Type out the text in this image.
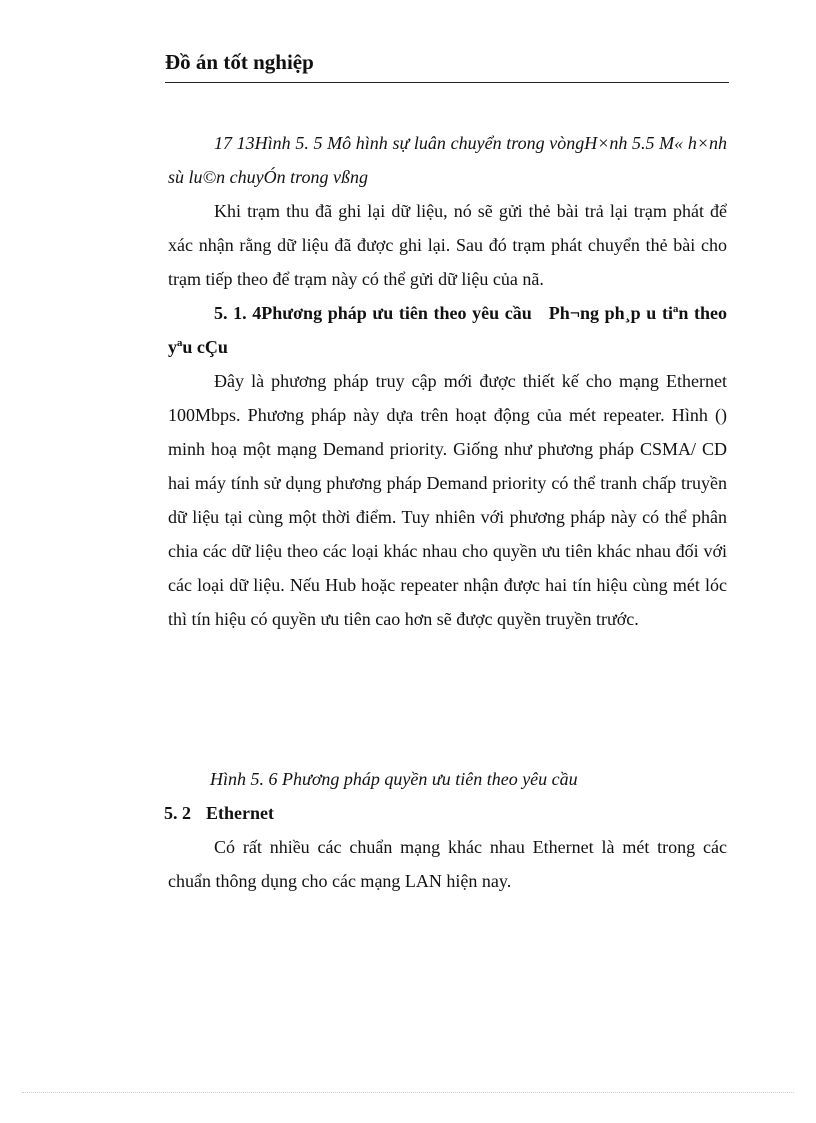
Đồ án tốt nghiệp

17 13Hình 5. 5 Mô hình sự luân chuyển trong vòngH×nh 5.5 M« h×nh sù lu©n chuyÓn trong vßng

Khi trạm thu đã ghi lại dữ liệu, nó sẽ gửi thẻ bài trả lại trạm phát để xác nhận rằng dữ liệu đã được ghi lại. Sau đó trạm phát chuyển thẻ bài cho trạm tiếp theo để trạm này có thể gửi dữ liệu của nã.

5. 1. 4Phương pháp ưu tiên theo yêu cầu Ph¬ng ph¸p u tiªn theo yªu cÇu

Đây là phương pháp truy cập mới được thiết kế cho mạng Ethernet 100Mbps. Phương pháp này dựa trên hoạt động của mét repeater. Hình () minh hoạ một mạng Demand priority. Giống như phương pháp CSMA/ CD hai máy tính sử dụng phương pháp Demand priority có thể tranh chấp truyền dữ liệu tại cùng một thời điểm. Tuy nhiên với phương pháp này có thể phân chia các dữ liệu theo các loại khác nhau cho quyền ưu tiên khác nhau đối với các loại dữ liệu. Nếu Hub hoặc repeater nhận được hai tín hiệu cùng mét lóc thì tín hiệu có quyền ưu tiên cao hơn sẽ được quyền truyền trước.

Hình 5. 6 Phương pháp quyền ưu tiên theo yêu cầu

5. 2 Ethernet

Có rất nhiều các chuẩn mạng khác nhau Ethernet là mét trong các chuẩn thông dụng cho các mạng LAN hiện nay.
